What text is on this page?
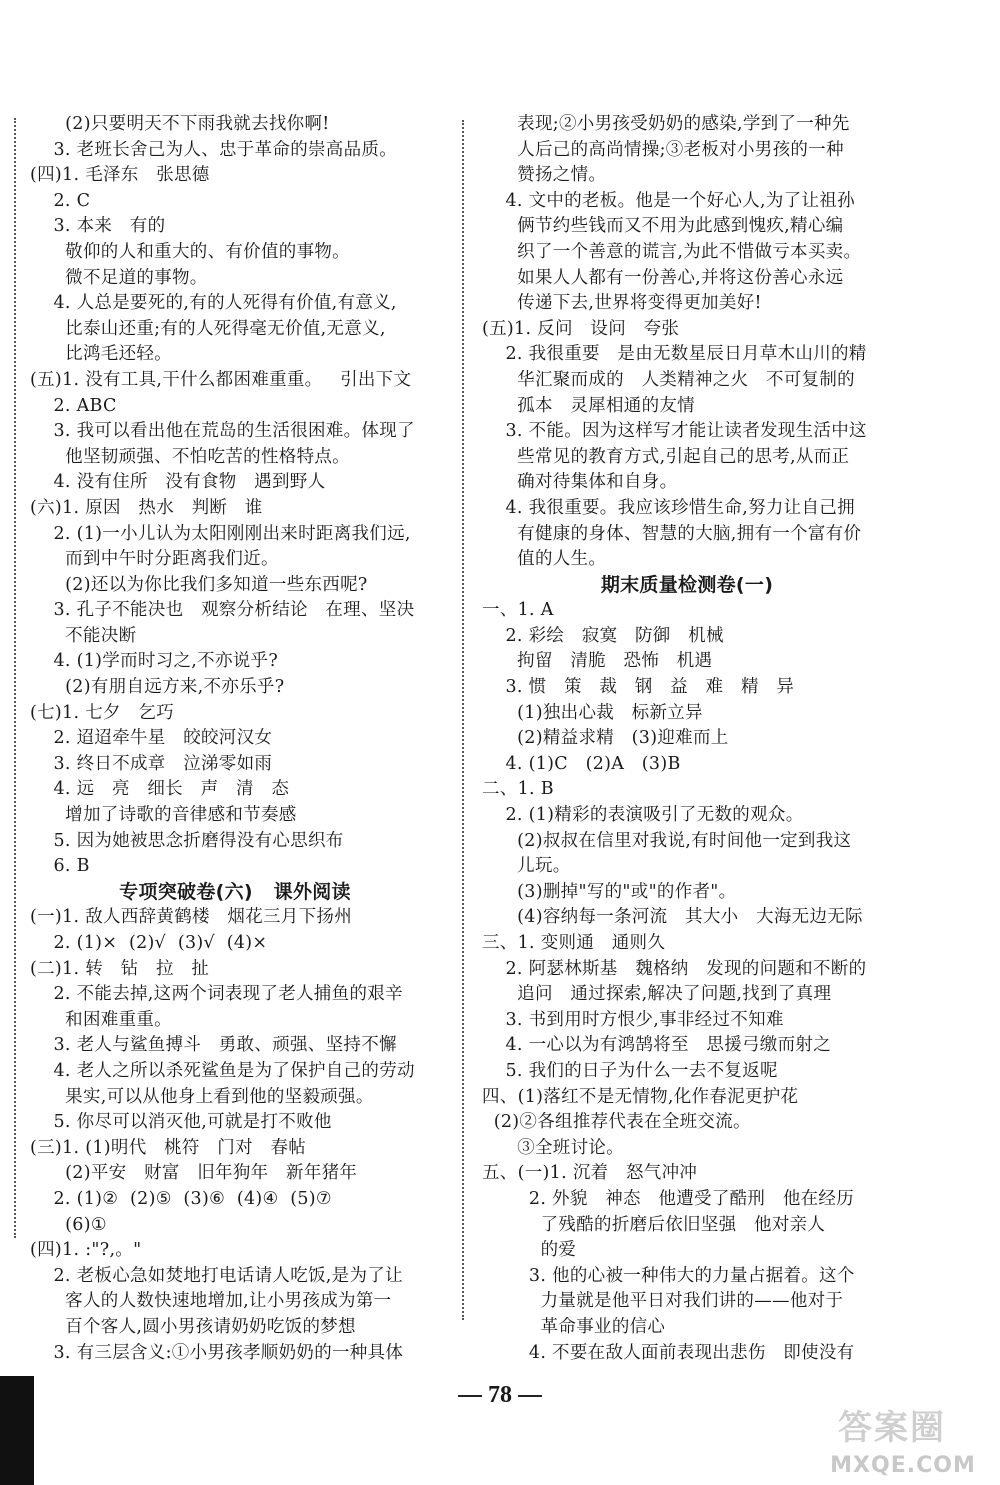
(2)只要明天不下雨我就去找你啊!
3. 老班长舍己为人、忠于革命的崇高品质。
(四)1. 毛泽东   张思德
2. C
3. 本来   有的
敬仰的人和重大的、有价值的事物。
微不足道的事物。
4. 人总是要死的,有的人死得有价值,有意义,
比泰山还重;有的人死得毫无价值,无意义,
比鸿毛还轻。
(五)1. 没有工具,干什么都困难重重。   引出下文
2. ABC
3. 我可以看出他在荒岛的生活很困难。体现了
他坚韧顽强、不怕吃苦的性格特点。
4. 没有住所   没有食物   遇到野人
(六)1. 原因   热水   判断   谁
2. (1)一小儿认为太阳刚刚出来时距离我们远,
而到中午时分距离我们近。
(2)还以为你比我们多知道一些东西呢?
3. 孔子不能决也   观察分析结论   在理、坚决
不能决断
4. (1)学而时习之,不亦说乎?
(2)有朋自远方来,不亦乐乎?
(七)1. 七夕   乞巧
2. 迢迢牵牛星   皎皎河汉女
3. 终日不成章   泣涕零如雨
4. 远   亮   细长   声   清   态
增加了诗歌的音律感和节奏感
5. 因为她被思念折磨得没有心思织布
6. B
专项突破卷(六)   课外阅读
(一)1. 敌人西辞黄鹤楼   烟花三月下扬州
2. (1)×  (2)√  (3)√  (4)×
(二)1. 转   钻   拉   扯
2. 不能去掉,这两个词表现了老人捕鱼的艰辛
和困难重重。
3. 老人与鲨鱼搏斗   勇敢、顽强、坚持不懈
4. 老人之所以杀死鲨鱼是为了保护自己的劳动
果实,可以从他身上看到他的坚毅顽强。
5. 你尽可以消灭他,可就是打不败他
(三)1. (1)明代   桃符   门对   春帖
(2)平安   财富   旧年狗年   新年猪年
2. (1)②  (2)⑤  (3)⑥  (4)④  (5)⑦
(6)①
(四)1. :"?,。"
2. 老板心急如焚地打电话请人吃饭,是为了让
客人的人数快速地增加,让小男孩成为第一
百个客人,圆小男孩请奶奶吃饭的梦想
3. 有三层含义:①小男孩孝顺奶奶的一种具体
表现;②小男孩受奶奶的感染,学到了一种先
人后己的高尚情操;③老板对小男孩的一种
赞扬之情。
4. 文中的老板。他是一个好心人,为了让祖孙
俩节约些钱而又不用为此感到愧疚,精心编
织了一个善意的谎言,为此不惜做亏本买卖。
如果人人都有一份善心,并将这份善心永远
传递下去,世界将变得更加美好!
(五)1. 反问   设问   夸张
2. 我很重要   是由无数星辰日月草木山川的精
华汇聚而成的   人类精神之火   不可复制的
孤本   灵犀相通的友情
3. 不能。因为这样写才能让读者发现生活中这
些常见的教育方式,引起自己的思考,从而正
确对待集体和自身。
4. 我很重要。我应该珍惜生命,努力让自己拥
有健康的身体、智慧的大脑,拥有一个富有价
值的人生。
期末质量检测卷(一)
一、1. A
2. 彩绘   寂寞   防御   机械
拘留   清脆   恐怖   机遇
3. 惯   策   裁   钢   益   难   精   异
(1)独出心裁   标新立异
(2)精益求精   (3)迎难而上
4. (1)C   (2)A   (3)B
二、1. B
2. (1)精彩的表演吸引了无数的观众。
(2)叔叔在信里对我说,有时间他一定到我这
儿玩。
(3)删掉"写的"或"的作者"。
(4)容纳每一条河流   其大小   大海无边无际
三、1. 变则通   通则久
2. 阿瑟林斯基   魏格纳   发现的问题和不断的
追问   通过探索,解决了问题,找到了真理
3. 书到用时方恨少,事非经过不知难
4. 一心以为有鸿鹄将至   思援弓缴而射之
5. 我们的日子为什么一去不复返呢
四、(1)落红不是无情物,化作春泥更护花
(2)②各组推荐代表在全班交流。
③全班讨论。
五、(一)1. 沉着   怒气冲冲
2. 外貌   神态   他遭受了酷刑   他在经历
了残酷的折磨后依旧坚强   他对亲人
的爱
3. 他的心被一种伟大的力量占据着。这个
力量就是他平日对我们讲的——他对于
革命事业的信心
4. 不要在敌人面前表现出悲伤   即使没有
78
答案圈
MXQE.COM
